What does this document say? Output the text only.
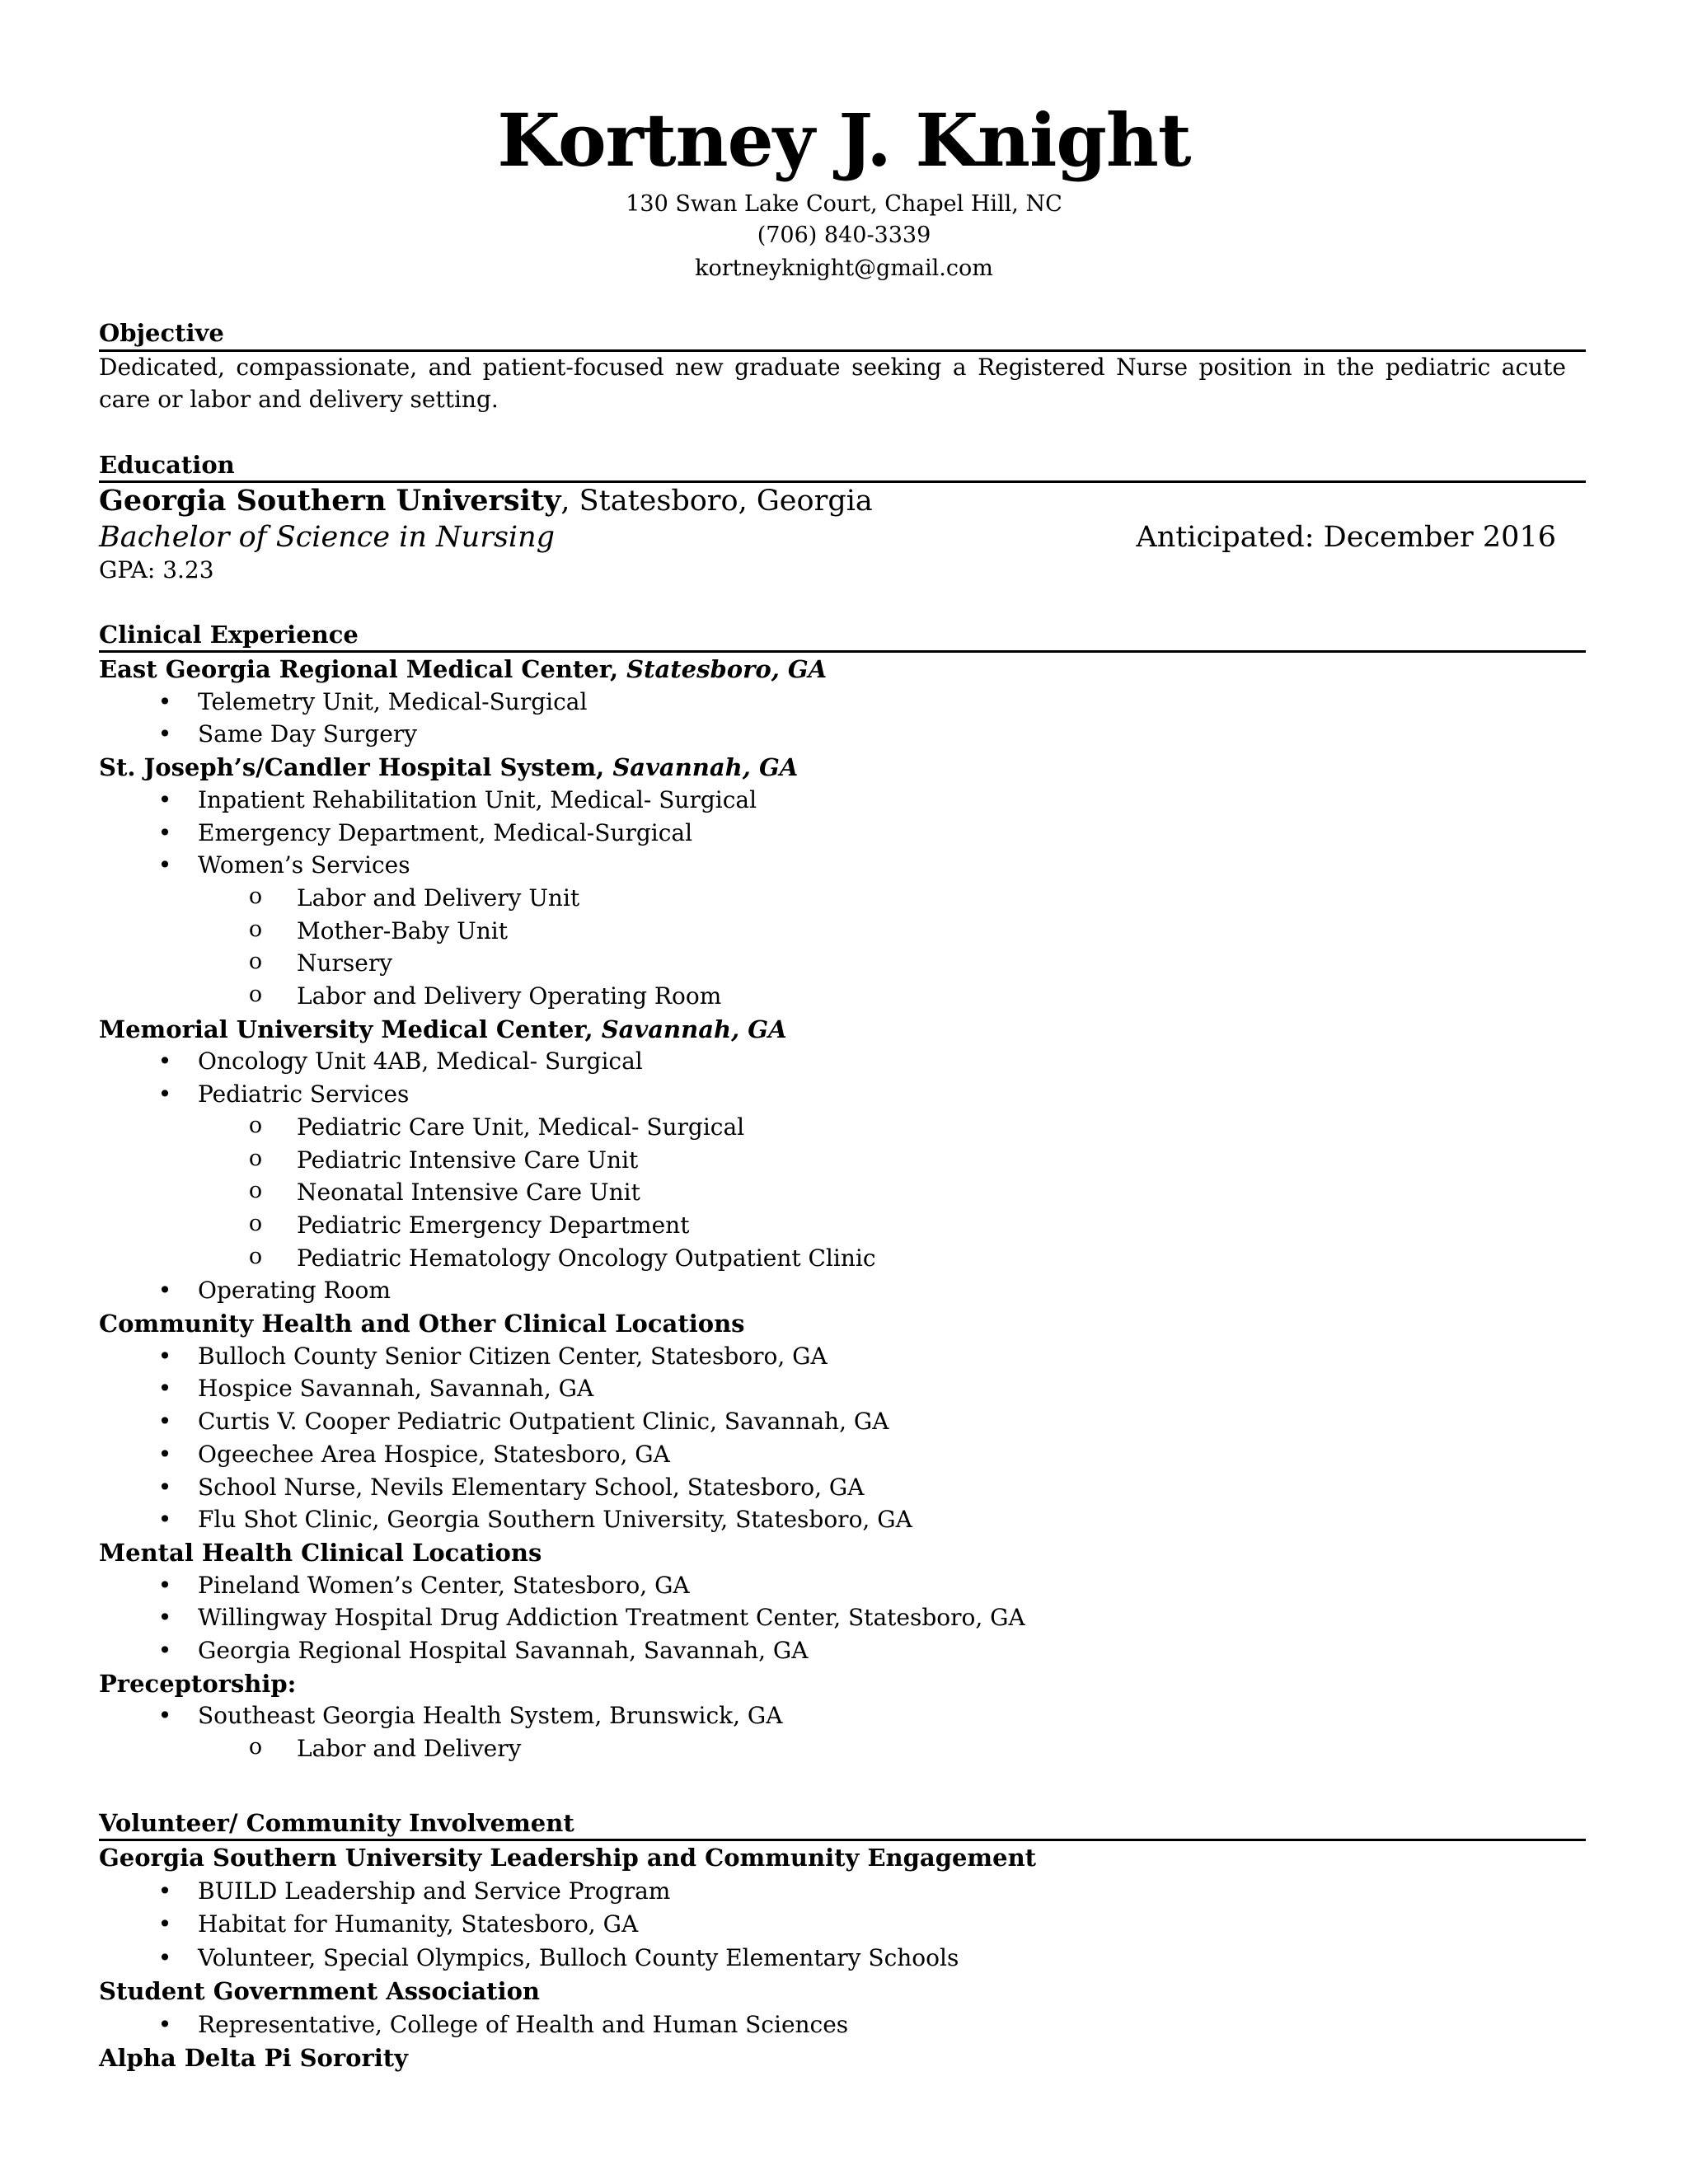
Kortney J. Knight
130 Swan Lake Court, Chapel Hill, NC
(706) 840-3339
kortneyknight@gmail.com
Objective
Dedicated, compassionate, and patient-focused new graduate seeking a Registered Nurse position in the pediatric acute care or labor and delivery setting.
Education
Georgia Southern University, Statesboro, Georgia
Bachelor of Science in Nursing	Anticipated: December 2016
GPA: 3.23
Clinical Experience
East Georgia Regional Medical Center, Statesboro, GA
• Telemetry Unit, Medical-Surgical
• Same Day Surgery
St. Joseph’s/Candler Hospital System, Savannah, GA
• Inpatient Rehabilitation Unit, Medical- Surgical
• Emergency Department, Medical-Surgical
• Women’s Services
o Labor and Delivery Unit
o Mother-Baby Unit
o Nursery
o Labor and Delivery Operating Room
Memorial University Medical Center, Savannah, GA
• Oncology Unit 4AB, Medical- Surgical
• Pediatric Services
o Pediatric Care Unit, Medical- Surgical
o Pediatric Intensive Care Unit
o Neonatal Intensive Care Unit
o Pediatric Emergency Department
o Pediatric Hematology Oncology Outpatient Clinic
• Operating Room
Community Health and Other Clinical Locations
• Bulloch County Senior Citizen Center, Statesboro, GA
• Hospice Savannah, Savannah, GA
• Curtis V. Cooper Pediatric Outpatient Clinic, Savannah, GA
• Ogeechee Area Hospice, Statesboro, GA
• School Nurse, Nevils Elementary School, Statesboro, GA
• Flu Shot Clinic, Georgia Southern University, Statesboro, GA
Mental Health Clinical Locations
• Pineland Women’s Center, Statesboro, GA
• Willingway Hospital Drug Addiction Treatment Center, Statesboro, GA
• Georgia Regional Hospital Savannah, Savannah, GA
Preceptorship:
• Southeast Georgia Health System, Brunswick, GA
o Labor and Delivery
Volunteer/ Community Involvement
Georgia Southern University Leadership and Community Engagement
• BUILD Leadership and Service Program
• Habitat for Humanity, Statesboro, GA
• Volunteer, Special Olympics, Bulloch County Elementary Schools
Student Government Association
• Representative, College of Health and Human Sciences
Alpha Delta Pi Sorority
